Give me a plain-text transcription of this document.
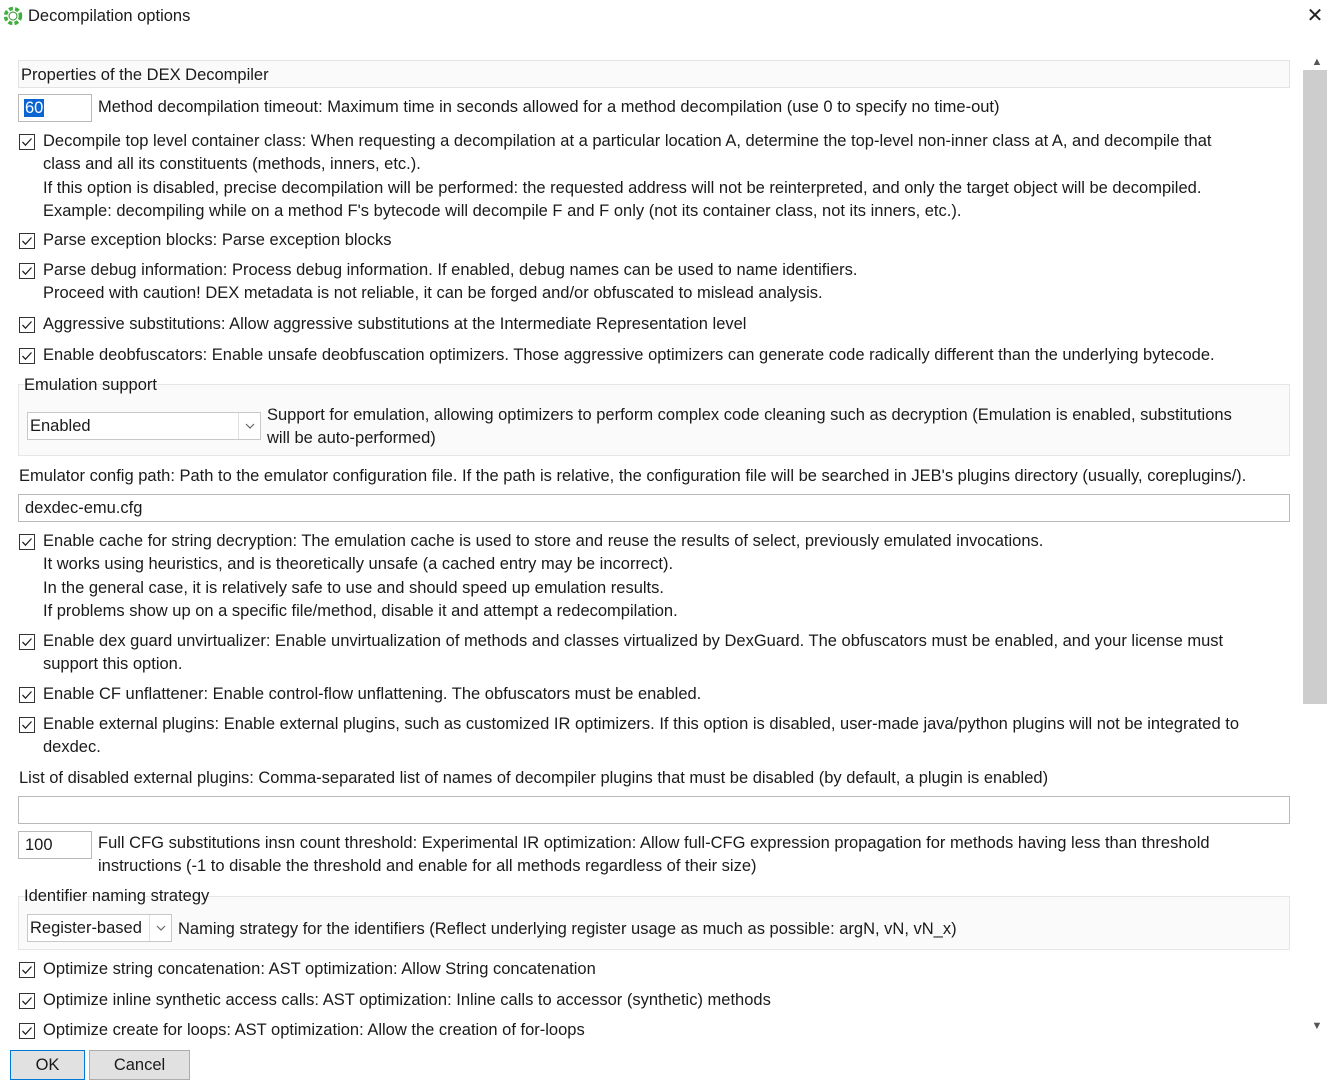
Decompilation options	✕
Properties of the DEX Decompiler
60	Method decompilation timeout: Maximum time in seconds allowed for a method decompilation (use 0 to specify no time-out)
Decompile top level container class: When requesting a decompilation at a particular location A, determine the top-level non-inner class at A, and decompile that
class and all its constituents (methods, inners, etc.).
If this option is disabled, precise decompilation will be performed: the requested address will not be reinterpreted, and only the target object will be decompiled.
Example: decompiling while on a method F's bytecode will decompile F and F only (not its container class, not its inners, etc.).
Parse exception blocks: Parse exception blocks
Parse debug information: Process debug information. If enabled, debug names can be used to name identifiers.
Proceed with caution! DEX metadata is not reliable, it can be forged and/or obfuscated to mislead analysis.
Aggressive substitutions: Allow aggressive substitutions at the Intermediate Representation level
Enable deobfuscators: Enable unsafe deobfuscation optimizers. Those aggressive optimizers can generate code radically different than the underlying bytecode.
Emulation support
Enabled
Support for emulation, allowing optimizers to perform complex code cleaning such as decryption (Emulation is enabled, substitutions
will be auto-performed)
Emulator config path: Path to the emulator configuration file. If the path is relative, the configuration file will be searched in JEB's plugins directory (usually, coreplugins/).
dexdec-emu.cfg
Enable cache for string decryption: The emulation cache is used to store and reuse the results of select, previously emulated invocations.
It works using heuristics, and is theoretically unsafe (a cached entry may be incorrect).
In the general case, it is relatively safe to use and should speed up emulation results.
If problems show up on a specific file/method, disable it and attempt a redecompilation.
Enable dex guard unvirtualizer: Enable unvirtualization of methods and classes virtualized by DexGuard. The obfuscators must be enabled, and your license must
support this option.
Enable CF unflattener: Enable control-flow unflattening. The obfuscators must be enabled.
Enable external plugins: Enable external plugins, such as customized IR optimizers. If this option is disabled, user-made java/python plugins will not be integrated to
dexdec.
List of disabled external plugins: Comma-separated list of names of decompiler plugins that must be disabled (by default, a plugin is enabled)
100	Full CFG substitutions insn count threshold: Experimental IR optimization: Allow full-CFG expression propagation for methods having less than threshold
instructions (-1 to disable the threshold and enable for all methods regardless of their size)
Identifier naming strategy
Register-based Naming strategy for the identifiers (Reflect underlying register usage as much as possible: argN, vN, vN_x)
Optimize string concatenation: AST optimization: Allow String concatenation
Optimize inline synthetic access calls: AST optimization: Inline calls to accessor (synthetic) methods
Optimize create for loops: AST optimization: Allow the creation of for-loops
▲
▼
OK	Cancel
